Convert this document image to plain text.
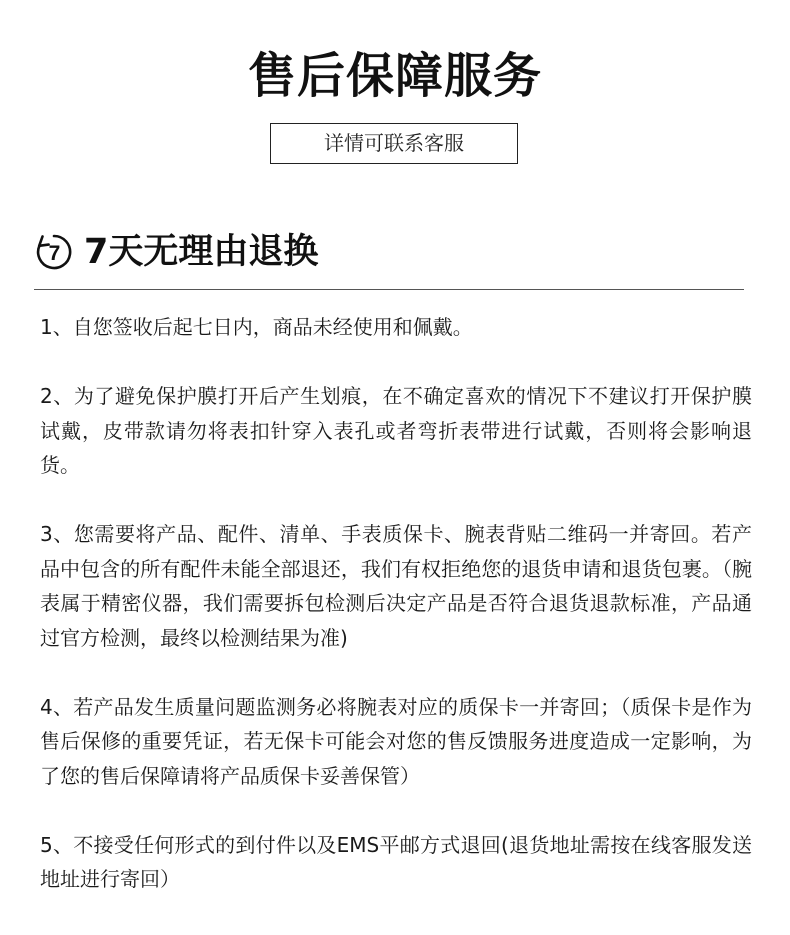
售后保障服务
详情可联系客服
7 7天无理由退换

1、自您签收后起七日内，商品未经使用和佩戴。

2、为了避免保护膜打开后产生划痕，在不确定喜欢的情况下不建议打开保护膜试戴，皮带款请勿将表扣针穿入表孔或者弯折表带进行试戴，否则将会影响退货。

3、您需要将产品、配件、清单、手表质保卡、腕表背贴二维码一并寄回。若产品中包含的所有配件未能全部退还，我们有权拒绝您的退货申请和退货包裹。（腕表属于精密仪器，我们需要拆包检测后决定产品是否符合退货退款标准，产品通过官方检测，最终以检测结果为准)

4、若产品发生质量问题监测务必将腕表对应的质保卡一并寄回；（质保卡是作为售后保修的重要凭证，若无保卡可能会对您的售反馈服务进度造成一定影响，为了您的售后保障请将产品质保卡妥善保管）

5、不接受任何形式的到付件以及EMS平邮方式退回(退货地址需按在线客服发送地址进行寄回）
